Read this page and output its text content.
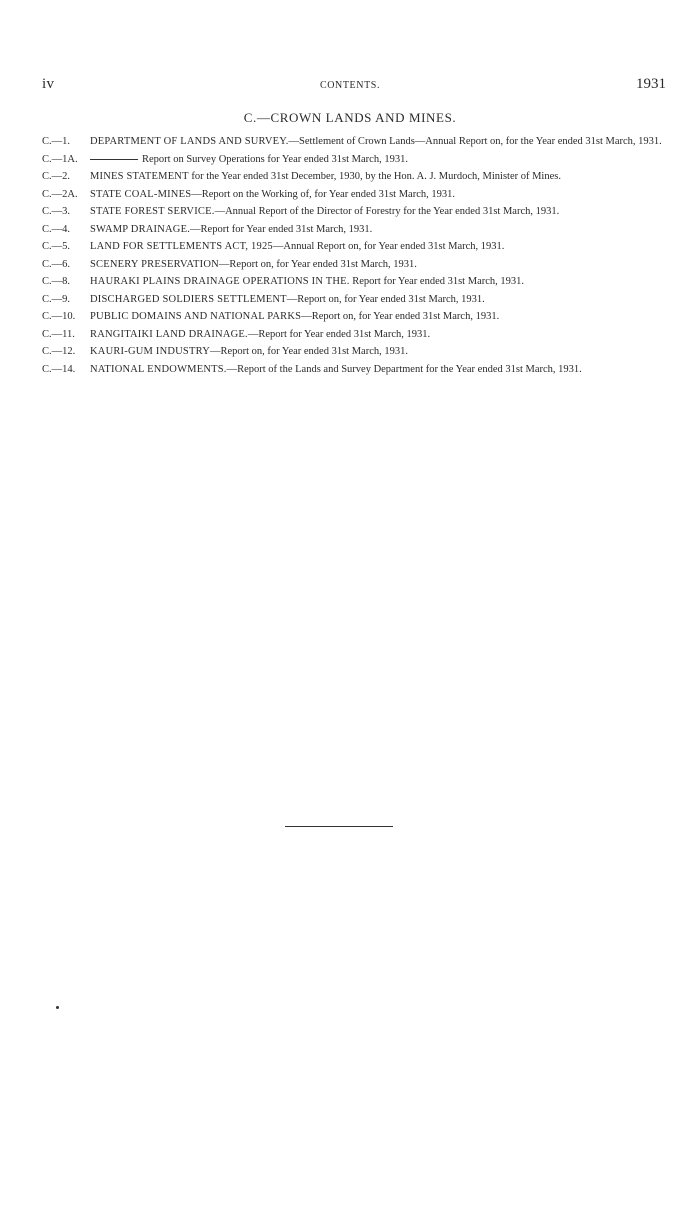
iv	CONTENTS.	1931
C.—CROWN LANDS AND MINES.
C.—1.	DEPARTMENT OF LANDS AND SURVEY.—Settlement of Crown Lands—Annual Report on, for the Year ended 31st March, 1931.
C.—1A.	Report on Survey Operations for Year ended 31st March, 1931.
C.—2.	MINES STATEMENT for the Year ended 31st December, 1930, by the Hon. A. J. Murdoch, Minister of Mines.
C.—2A.	STATE COAL-MINES—Report on the Working of, for Year ended 31st March, 1931.
C.—3.	STATE FOREST SERVICE.—Annual Report of the Director of Forestry for the Year ended 31st March, 1931.
C.—4.	SWAMP DRAINAGE.—Report for Year ended 31st March, 1931.
C.—5.	LAND FOR SETTLEMENTS ACT, 1925—Annual Report on, for Year ended 31st March, 1931.
C.—6.	SCENERY PRESERVATION—Report on, for Year ended 31st March, 1931.
C.—8.	HAURAKI PLAINS DRAINAGE OPERATIONS IN THE. Report for Year ended 31st March, 1931.
C.—9.	DISCHARGED SOLDIERS SETTLEMENT—Report on, for Year ended 31st March, 1931.
C.—10.	PUBLIC DOMAINS AND NATIONAL PARKS—Report on, for Year ended 31st March, 1931.
C.—11.	RANGITAIKI LAND DRAINAGE.—Report for Year ended 31st March, 1931.
C.—12.	KAURI-GUM INDUSTRY—Report on, for Year ended 31st March, 1931.
C.—14.	NATIONAL ENDOWMENTS.—Report of the Lands and Survey Department for the Year ended 31st March, 1931.
